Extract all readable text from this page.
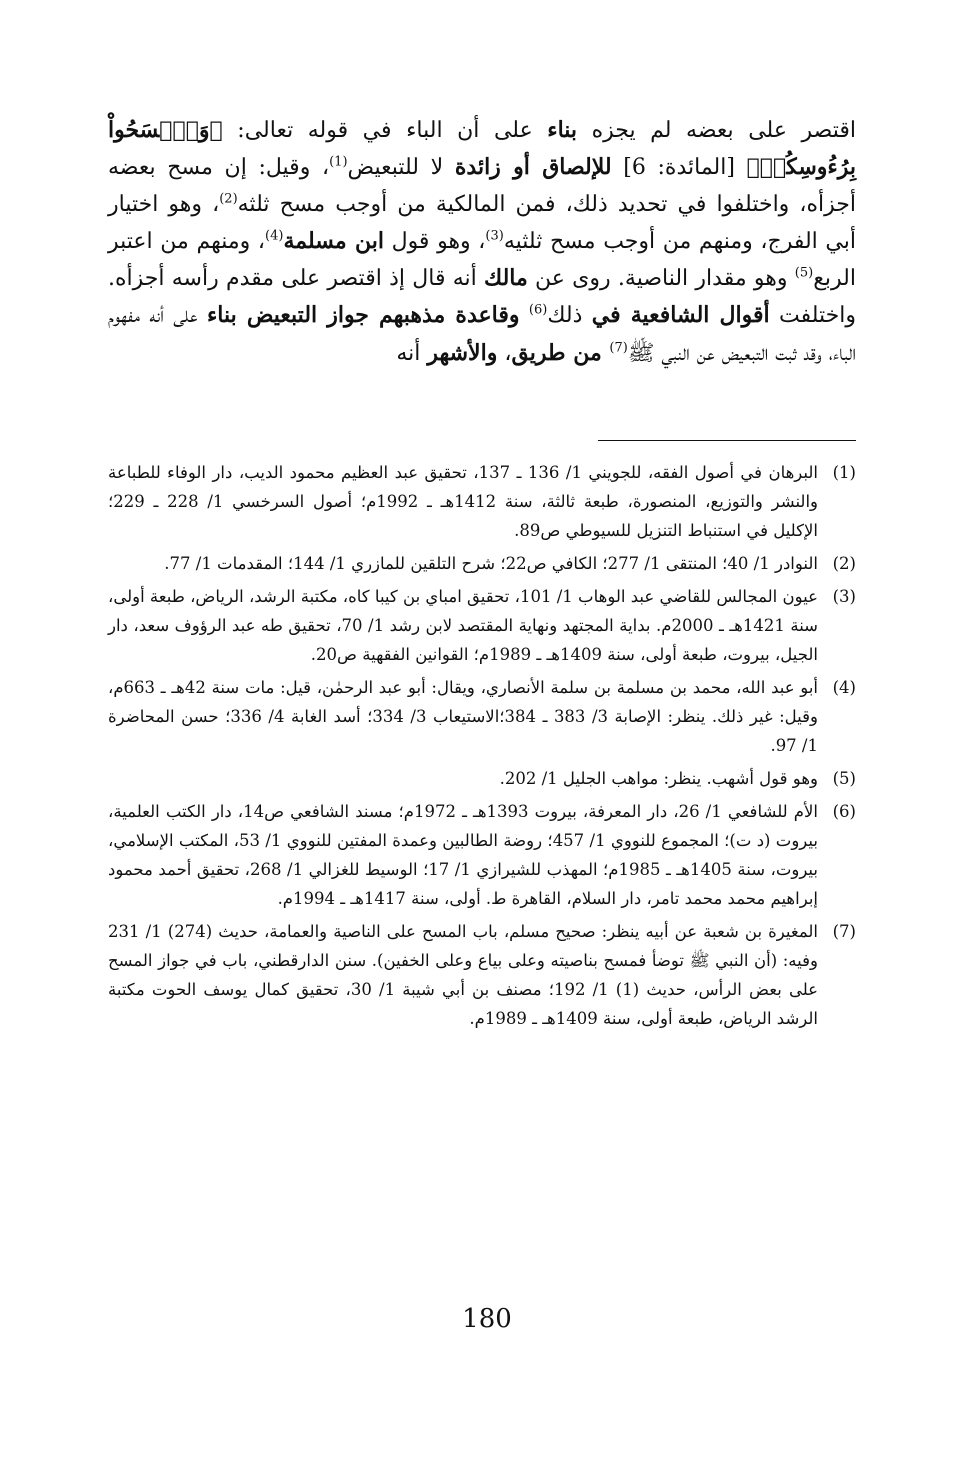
اقتصر على بعضه لم يجزه بناء على أن الباء في قوله تعالى: ﴿وَٱمۡسَحُواْ بِرُءُوسِكُمۡ﴾ [المائدة: 6] للإلصاق أو زائدة لا للتبعيض$^{(1)}$، وقيل: إن مسح بعضه أجزأه، واختلفوا في تحديد ذلك، فمن المالكية من أوجب مسح ثلثه$^{(2)}$، وهو اختيار أبي الفرج، ومنهم من أوجب مسح ثلثيه$^{(3)}$، وهو قول ابن مسلمة$^{(4)}$، ومنهم من اعتبر الربع$^{(5)}$ وهو مقدار الناصية. روى عن مالك أنه قال إذ اقتصر على مقدم رأسه أجزأه. واختلفت أقوال الشافعية في ذلك$^{(6)}$ وقاعدة مذهبهم جواز التبعيض بناء على أنه مفهوم الباء، وقد ثبت التبعيض عن النبي ﷺ$^{(7)}$ من طريق، والأشهر أنه

(1)

البرهان في أصول الفقه، للجويني 1/ 136 ـ 137، تحقيق عبد العظيم محمود الديب، دار الوفاء للطباعة والنشر والتوزيع، المنصورة، طبعة ثالثة، سنة 1412هـ ـ 1992م؛ أصول السرخسي 1/ 228 ـ 229؛ الإكليل في استنباط التنزيل للسيوطي ص89.

(2)

النوادر 1/ 40؛ المنتقى 1/ 277؛ الكافي ص22؛ شرح التلقين للمازري 1/ 144؛ المقدمات 1/ 77.

(3)

عيون المجالس للقاضي عبد الوهاب 1/ 101، تحقيق امباي بن كيبا كاه، مكتبة الرشد، الرياض، طبعة أولى، سنة 1421هـ ـ 2000م. بداية المجتهد ونهاية المقتصد لابن رشد 1/ 70، تحقيق طه عبد الرؤوف سعد، دار الجيل، بيروت، طبعة أولى، سنة 1409هـ ـ 1989م؛ القوانين الفقهية ص20.

(4)

أبو عبد الله، محمد بن مسلمة بن سلمة الأنصاري، ويقال: أبو عبد الرحمٰن، قيل: مات سنة 42هـ ـ 663م، وقيل: غير ذلك. ينظر: الإصابة 3/ 383 ـ 384؛الاستيعاب 3/ 334؛ أسد الغابة 4/ 336؛ حسن المحاضرة 1/ 97.

(5)

وهو قول أشهب. ينظر: مواهب الجليل 1/ 202.

(6)

الأم للشافعي 1/ 26، دار المعرفة، بيروت 1393هـ ـ 1972م؛ مسند الشافعي ص14، دار الكتب العلمية، بيروت (د ت)؛ المجموع للنووي 1/ 457؛ روضة الطالبين وعمدة المفتين للنووي 1/ 53، المكتب الإسلامي، بيروت، سنة 1405هـ ـ 1985م؛ المهذب للشيرازي 1/ 17؛ الوسيط للغزالي 1/ 268، تحقيق أحمد محمود إبراهيم محمد محمد تامر، دار السلام، القاهرة ط. أولى، سنة 1417هـ ـ 1994م.

(7)

المغيرة بن شعبة عن أبيه ينظر: صحيح مسلم، باب المسح على الناصية والعمامة، حديث (274) 1/ 231 وفيه: (أن النبي ﷺ توضأ فمسح بناصيته وعلى بياع وعلى الخفين). سنن الدارقطني، باب في جواز المسح على بعض الرأس، حديث (1) 1/ 192؛ مصنف بن أبي شيبة 1/ 30، تحقيق كمال يوسف الحوت مكتبة الرشد الرياض، طبعة أولى، سنة 1409هـ ـ 1989م.

180
